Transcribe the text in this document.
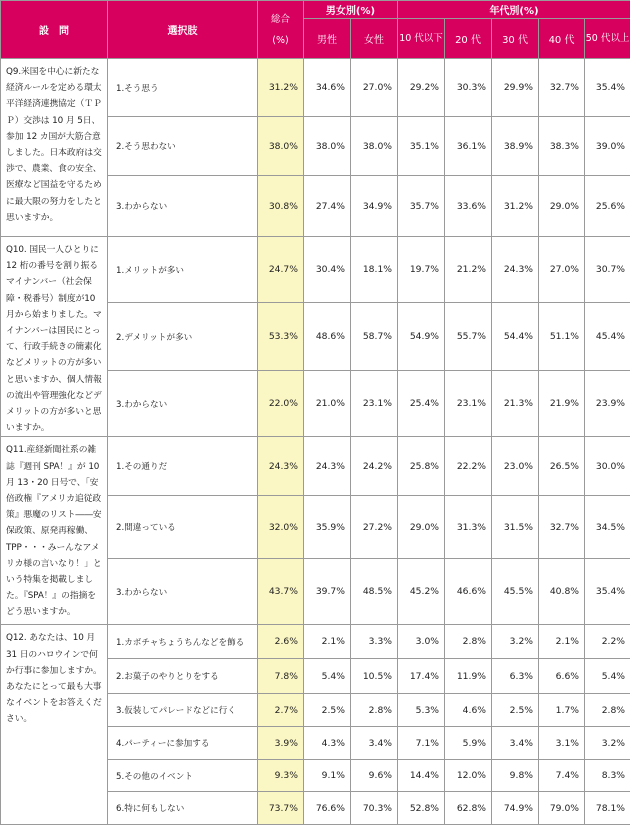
設　問	選択肢	総合
(%)	男女別(%)		年代別(%)				
			男性	女性	10 代以下	20 代	30 代	40 代	50 代以上

Q9.米国を中心に新たな経済ルールを定める環太平洋経済連携協定（ＴＰＰ）交渉は 10 月 5日、参加 12 カ国が大筋合意しました。日本政府は交渉で、農業、食の安全、医療など国益を守るために最大限の努力をしたと思いますか。	1.そう思う	31.2%	34.6%	27.0%	29.2%	30.3%	29.9%	32.7%	35.4%
	2.そう思わない	38.0%	38.0%	38.0%	35.1%	36.1%	38.9%	38.3%	39.0%
	3.わからない	30.8%	27.4%	34.9%	35.7%	33.6%	31.2%	29.0%	25.6%
Q10. 国民一人ひとりに12 桁の番号を割り振るマイナンバー（社会保障・税番号）制度が10月から始まりました。マイナンバーは国民にとって、行政手続きの簡素化などメリットの方が多いと思いますか、個人情報の流出や管理強化などデメリットの方が多いと思いますか。	1.メリットが多い	24.7%	30.4%	18.1%	19.7%	21.2%	24.3%	27.0%	30.7%
	2.デメリットが多い	53.3%	48.6%	58.7%	54.9%	55.7%	54.4%	51.1%	45.4%
	3.わからない	22.0%	21.0%	23.1%	25.4%	23.1%	21.3%	21.9%	23.9%
Q11.産経新聞社系の雑誌『週刊 SPA！』が 10月 13・20 日号で、「安倍政権『アメリカ追従政策』悪魔のリスト――安保政策、原発再稼働、TPP・・・みーんなアメリカ様の言いなり！」という特集を掲載しました。『SPA！』の指摘をどう思いますか。	1.その通りだ	24.3%	24.3%	24.2%	25.8%	22.2%	23.0%	26.5%	30.0%
	2.間違っている	32.0%	35.9%	27.2%	29.0%	31.3%	31.5%	32.7%	34.5%
	3.わからない	43.7%	39.7%	48.5%	45.2%	46.6%	45.5%	40.8%	35.4%
Q12. あなたは、10 月31 日のハロウインで何か行事に参加しますか。あなたにとって最も大事なイベントをお答えください。	1.カボチャちょうちんなどを飾る	2.6%	2.1%	3.3%	3.0%	2.8%	3.2%	2.1%	2.2%
	2.お菓子のやりとりをする	7.8%	5.4%	10.5%	17.4%	11.9%	6.3%	6.6%	5.4%
	3.仮装してパレードなどに行く	2.7%	2.5%	2.8%	5.3%	4.6%	2.5%	1.7%	2.8%
	4.パーティーに参加する	3.9%	4.3%	3.4%	7.1%	5.9%	3.4%	3.1%	3.2%
	5.その他のイベント	9.3%	9.1%	9.6%	14.4%	12.0%	9.8%	7.4%	8.3%
	6.特に何もしない	73.7%	76.6%	70.3%	52.8%	62.8%	74.9%	79.0%	78.1%
